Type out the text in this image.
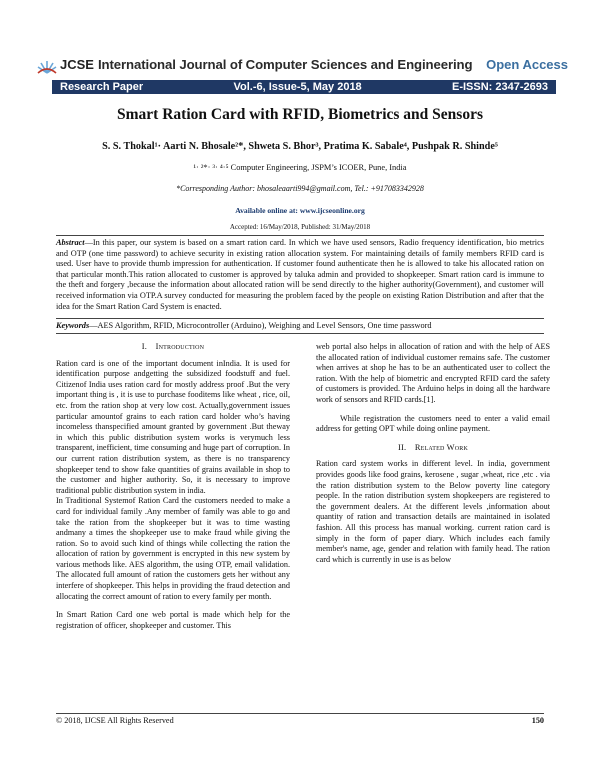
JCSE International Journal of Computer Sciences and Engineering Open Access
Research Paper	Vol.-6, Issue-5, May 2018	E-ISSN: 2347-2693
Smart Ration Card with RFID, Biometrics and Sensors
S. S. Thokal¹· Aarti N. Bhosale²*, Shweta S. Bhor³, Pratima K. Sabale⁴, Pushpak R. Shinde⁵
¹· ²*· ³· ⁴·⁵ Computer Engineering, JSPM’s ICOER, Pune, India
*Corresponding Author: bhosaleaarti994@gmail.com, Tel.: +917083342928
Available online at: www.ijcseonline.org
Accepted: 16/May/2018, Published: 31/May/2018
Abstract—In this paper, our system is based on a smart ration card. In which we have used sensors, Radio frequency identification, bio metrics and OTP (one time password) to achieve security in existing ration allocation system. For maintaining details of family members RFID card is used. User have to provide thumb impression for authentication. If customer found authenticate then he is allowed to take his allocated ration on that particular month.This ration allocated to customer is approved by taluka admin and provided to shopkeeper. Smart ration card is immune to the theft and forgery ,because the information about allocated ration will be send directly to the higher authority(Government), and customer will received information via OTP.A survey conducted for measuring the problem faced by the people on existing Ration Distribution and after that the idea for the Smart Ration Card System is enacted.
I. Introduction

Ration card is one of the important document inIndia. It is used for identification purpose andgetting the subsidized foodstuff and fuel. Citizenof India uses ration card for mostly address proof .But the very important thing is , it is use to purchase fooditems like wheat , rice, oil, etc. from the ration shop at very low cost. Actually,government issues particular amountof grains to each ration card holder who’s having incomeless thanspecified amount granted by government .But theway in which this public distribution system works is verymuch less transparent, inefficient, time consuming and huge part of corruption. In our current ration distribution system, as there is no transparency shopkeeper tend to show fake quantities of grains available in shop to the customer and higher authority. So, it is necessary to improve traditional public distribution system in india.

In Traditional Systemof Ration Card the customers needed to make a card for individual family .Any member of family was able to go and take the ration from the shopkeeper but it was to time wasting andmany a times the shopkeeper use to make fraud while giving the ration. So to avoid such kind of things while collecting the ration the allocation of ration by government is encrypted in this new system by various methods like. AES algorithm, the using OTP, email validation. The allocated full amount of ration the customers gets her without any interfere of shopkeeper. This helps in providing the fraud detection and allocating the correct amount of ration to every family per month.

In Smart Ration Card one web portal is made which help for the registration of officer, shopkeeper and customer. This

web portal also helps in allocation of ration and with the help of AES the allocated ration of individual customer remains safe. The customer when arrives at shop he has to be an authenticated user to collect the ration. With the help of biometric and encrypted RFID card the safety of customers is provided. The Arduino helps in doing all the hardware work of sensors and RFID cards.[1].

While registration the customers need to enter a valid email address for getting OPT while doing online payment.

II. Related Work

Ration card system works in different level. In india, government provides goods like food grains, kerosene , sugar ,wheat, rice ,etc . via the ration distribution system to the Below poverty line category people. In the ration distribution system shopkeepers are registered to the government dealers. At the different levels ,information about quantity of ration and transaction details are maintained in isolated fashion. All this process has manual working. current ration card is simply in the form of paper diary. Which includes each family member's name, age, gender and relation with family head. The ration card which is currently in use is as below

© 2018, IJCSE All Rights Reserved	150
Keywords—AES Algorithm, RFID, Microcontroller (Arduino), Weighing and Level Sensors, One time password
